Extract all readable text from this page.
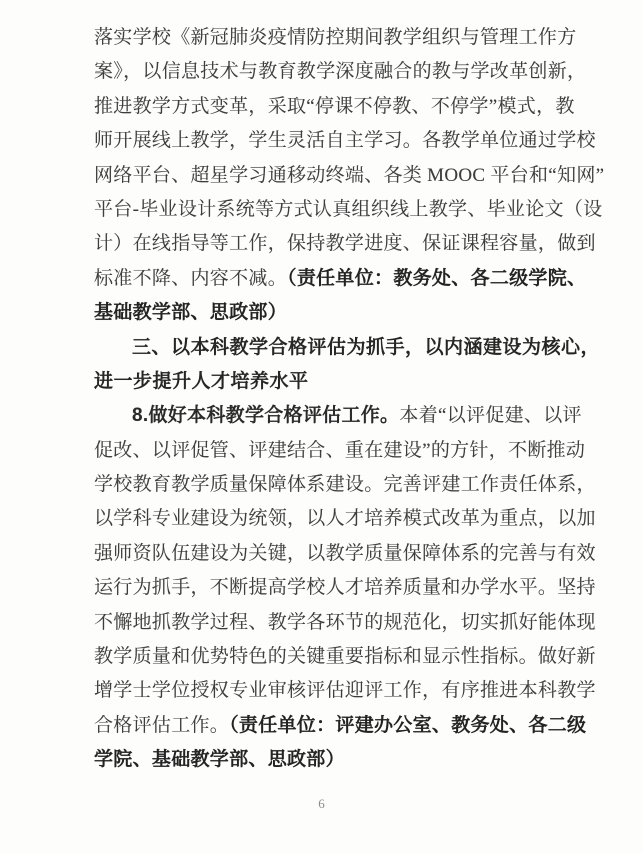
落实学校《新冠肺炎疫情防控期间教学组织与管理工作方
案》，以信息技术与教育教学深度融合的教与学改革创新，
推进教学方式变革，采取“停课不停教、不停学”模式，教
师开展线上教学，学生灵活自主学习。各教学单位通过学校
网络平台、超星学习通移动终端、各类 MOOC 平台和“知网”
平台-毕业设计系统等方式认真组织线上教学、毕业论文（设
计）在线指导等工作，保持教学进度、保证课程容量，做到
标准不降、内容不减。（责任单位：教务处、各二级学院、
基础教学部、思政部）
三、以本科教学合格评估为抓手，以内涵建设为核心，
进一步提升人才培养水平
8.做好本科教学合格评估工作。本着“以评促建、以评
促改、以评促管、评建结合、重在建设”的方针，不断推动
学校教育教学质量保障体系建设。完善评建工作责任体系，
以学科专业建设为统领，以人才培养模式改革为重点，以加
强师资队伍建设为关键，以教学质量保障体系的完善与有效
运行为抓手，不断提高学校人才培养质量和办学水平。坚持
不懈地抓教学过程、教学各环节的规范化，切实抓好能体现
教学质量和优势特色的关键重要指标和显示性指标。做好新
增学士学位授权专业审核评估迎评工作，有序推进本科教学
合格评估工作。（责任单位：评建办公室、教务处、各二级
学院、基础教学部、思政部）
6
